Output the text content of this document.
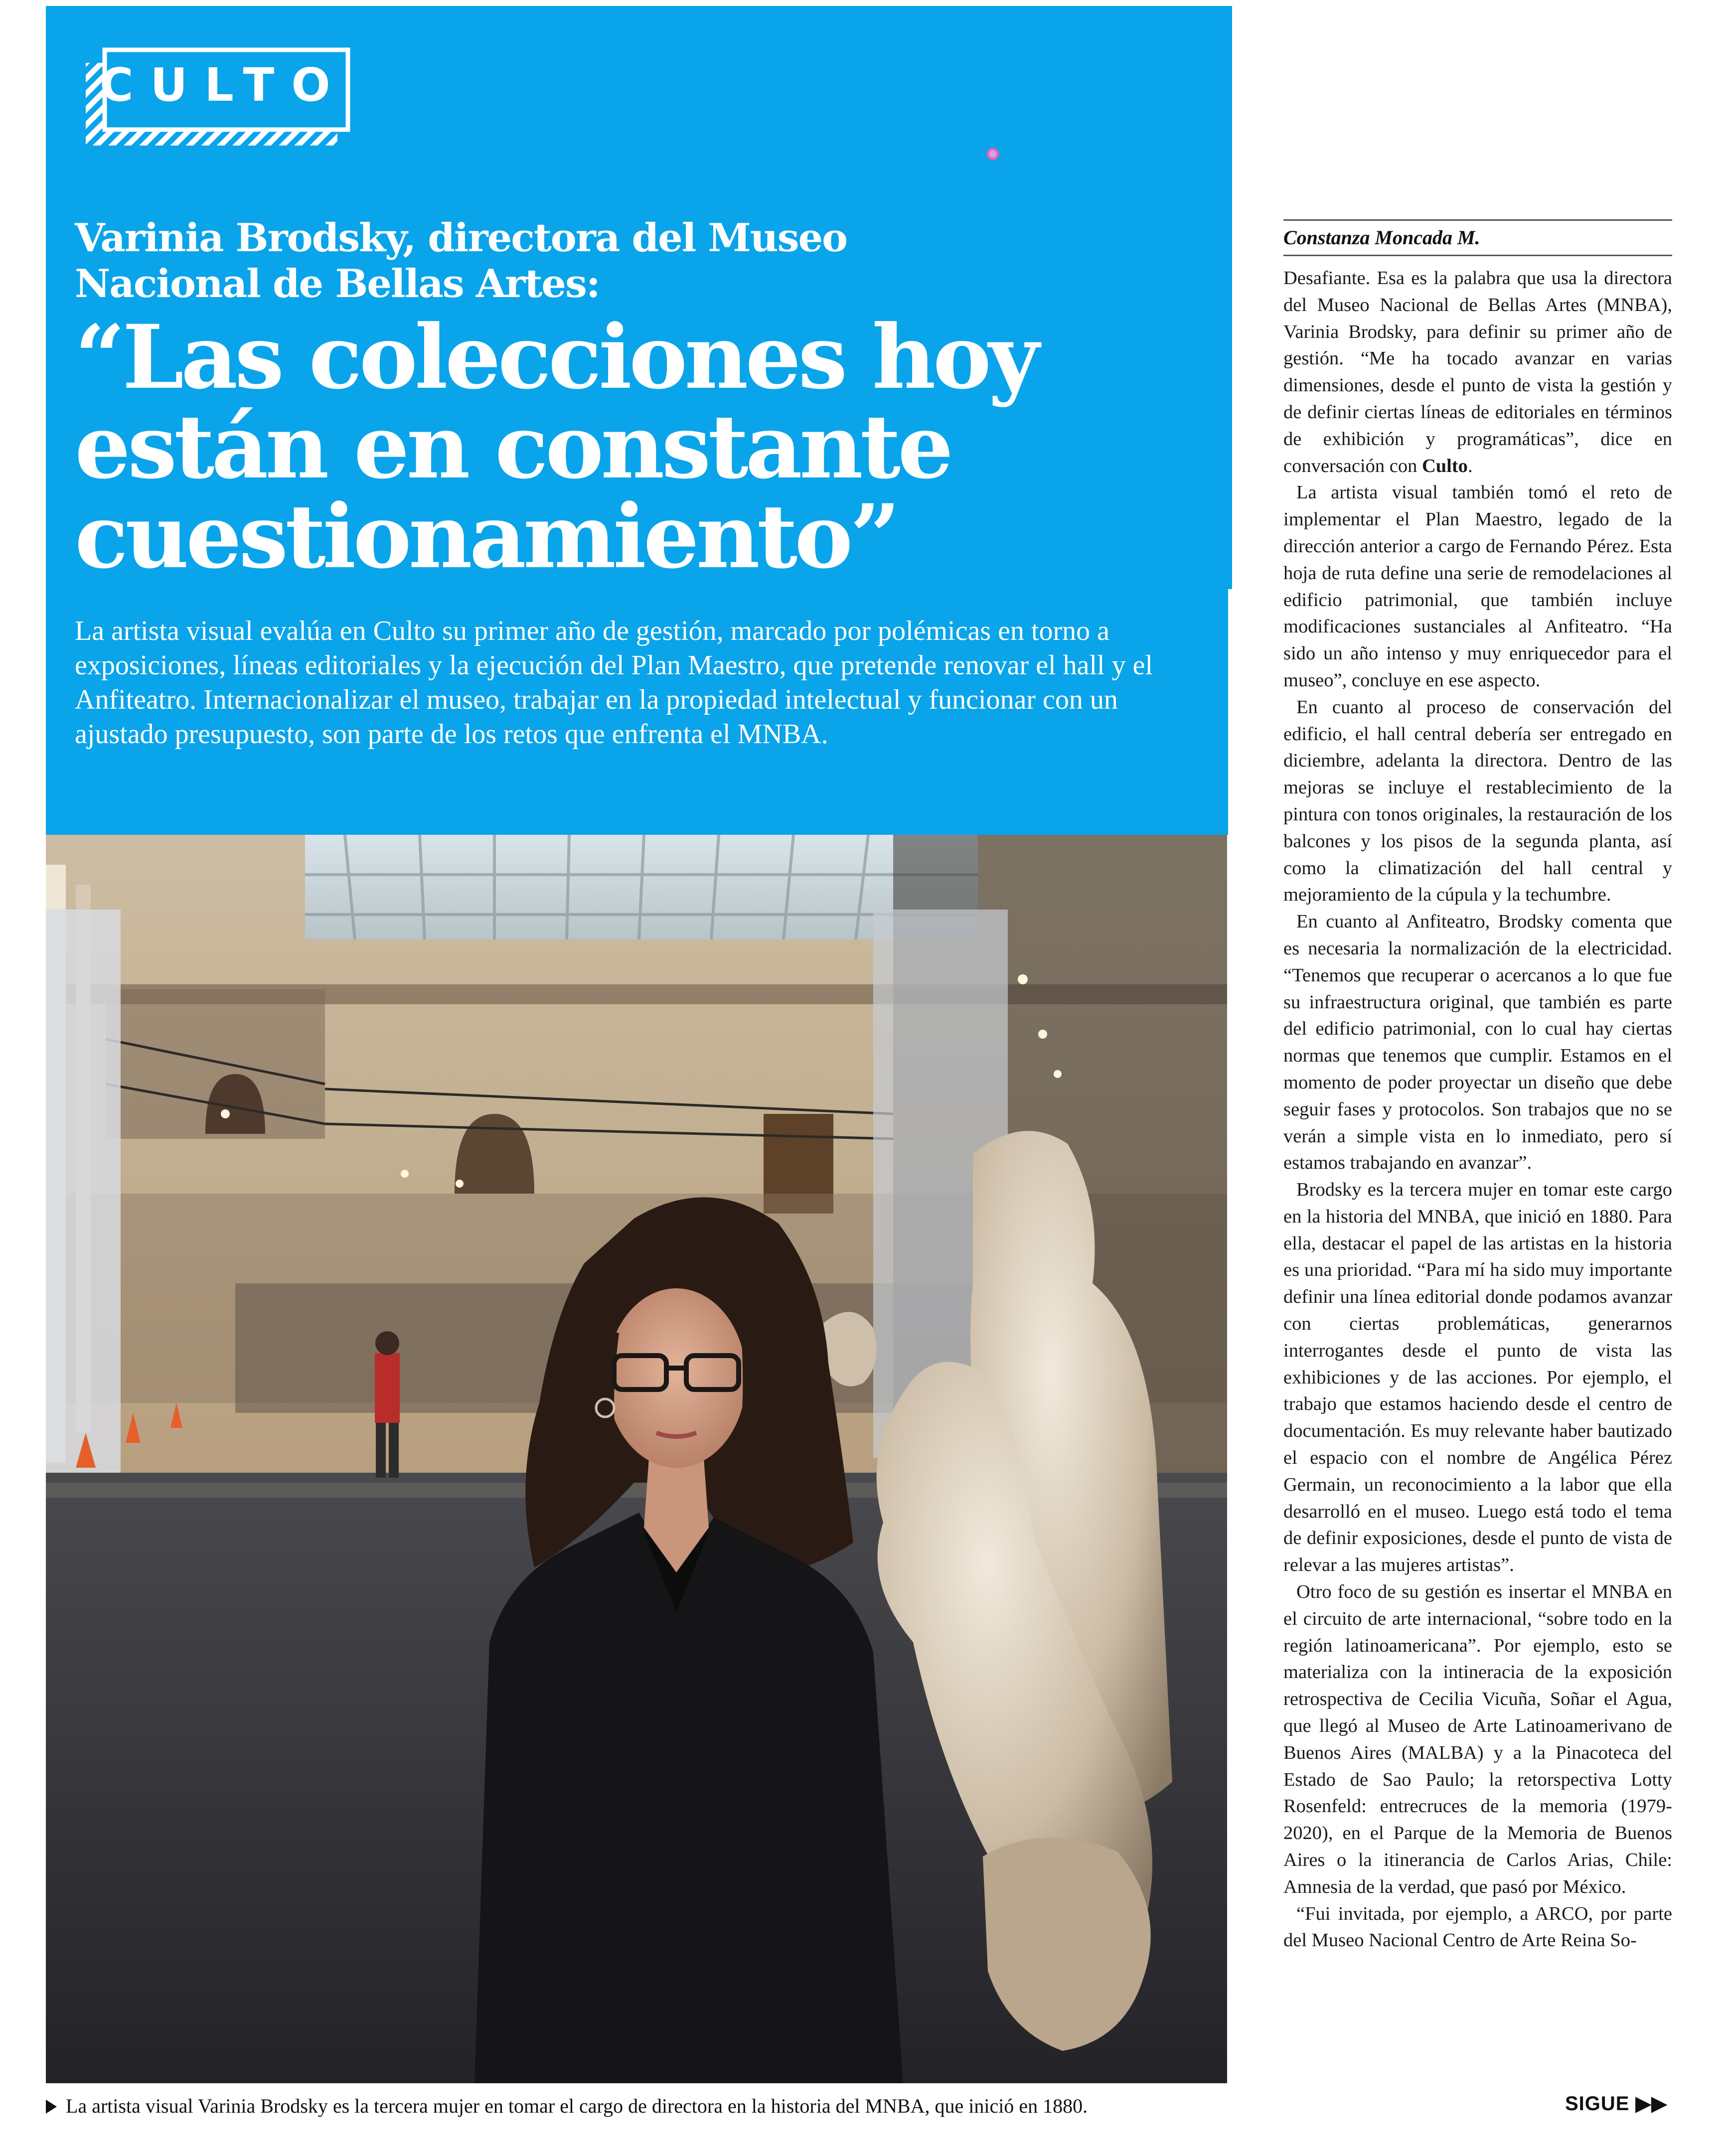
CULTO
Varinia Brodsky, directora del Museo Nacional de Bellas Artes:
“Las colecciones hoy están en constante cuestionamiento”

La artista visual evalúa en Culto su primer año de gestión, marcado por polémicas en torno a exposiciones, líneas editoriales y la ejecución del Plan Maestro, que pretende renovar el hall y el Anfiteatro. Internacionalizar el museo, trabajar en la propiedad intelectual y funcionar con un ajustado presupuesto, son parte de los retos que enfrenta el MNBA.

La artista visual Varinia Brodsky es la tercera mujer en tomar el cargo de directora en la historia del MNBA, que inició en 1880.	SIGUE ▶▶

Constanza Moncada M.

Desafiante. Esa es la palabra que usa la directora del Museo Nacional de Bellas Artes (MNBA), Varinia Brodsky, para definir su primer año de gestión. “Me ha tocado avanzar en varias dimensiones, desde el punto de vista la gestión y de definir ciertas líneas de editoriales en términos de exhibición y programáticas”, dice en conversación con Culto.

La artista visual también tomó el reto de implementar el Plan Maestro, legado de la dirección anterior a cargo de Fernando Pérez. Esta hoja de ruta define una serie de remodelaciones al edificio patrimonial, que también incluye modificaciones sustanciales al Anfiteatro. “Ha sido un año intenso y muy enriquecedor para el museo”, concluye en ese aspecto.

En cuanto al proceso de conservación del edificio, el hall central debería ser entregado en diciembre, adelanta la directora. Dentro de las mejoras se incluye el restablecimiento de la pintura con tonos originales, la restauración de los balcones y los pisos de la segunda planta, así como la climatización del hall central y mejoramiento de la cúpula y la techumbre.

En cuanto al Anfiteatro, Brodsky comenta que es necesaria la normalización de la electricidad. “Tenemos que recuperar o acercanos a lo que fue su infraestructura original, que también es parte del edificio patrimonial, con lo cual hay ciertas normas que tenemos que cumplir. Estamos en el momento de poder proyectar un diseño que debe seguir fases y protocolos. Son trabajos que no se verán a simple vista en lo inmediato, pero sí estamos trabajando en avanzar”.

Brodsky es la tercera mujer en tomar este cargo en la historia del MNBA, que inició en 1880. Para ella, destacar el papel de las artistas en la historia es una prioridad. “Para mí ha sido muy importante definir una línea editorial donde podamos avanzar con ciertas problemáticas, generarnos interrogantes desde el punto de vista las exhibiciones y de las acciones. Por ejemplo, el trabajo que estamos haciendo desde el centro de documentación. Es muy relevante haber bautizado el espacio con el nombre de Angélica Pérez Germain, un reconocimiento a la labor que ella desarrolló en el museo. Luego está todo el tema de definir exposiciones, desde el punto de vista de relevar a las mujeres artistas”.

Otro foco de su gestión es insertar el MNBA en el circuito de arte internacional, “sobre todo en la región latinoamericana”. Por ejemplo, esto se materializa con la intineracia de la exposición retrospectiva de Cecilia Vicuña, Soñar el Agua, que llegó al Museo de Arte Latinoamerivano de Buenos Aires (MALBA) y a la Pinacoteca del Estado de Sao Paulo; la retorspectiva Lotty Rosenfeld: entrecruces de la memoria (1979-2020), en el Parque de la Memoria de Buenos Aires o la itinerancia de Carlos Arias, Chile: Amnesia de la verdad, que pasó por México.

“Fui invitada, por ejemplo, a ARCO, por parte del Museo Nacional Centro de Arte Reina So-
